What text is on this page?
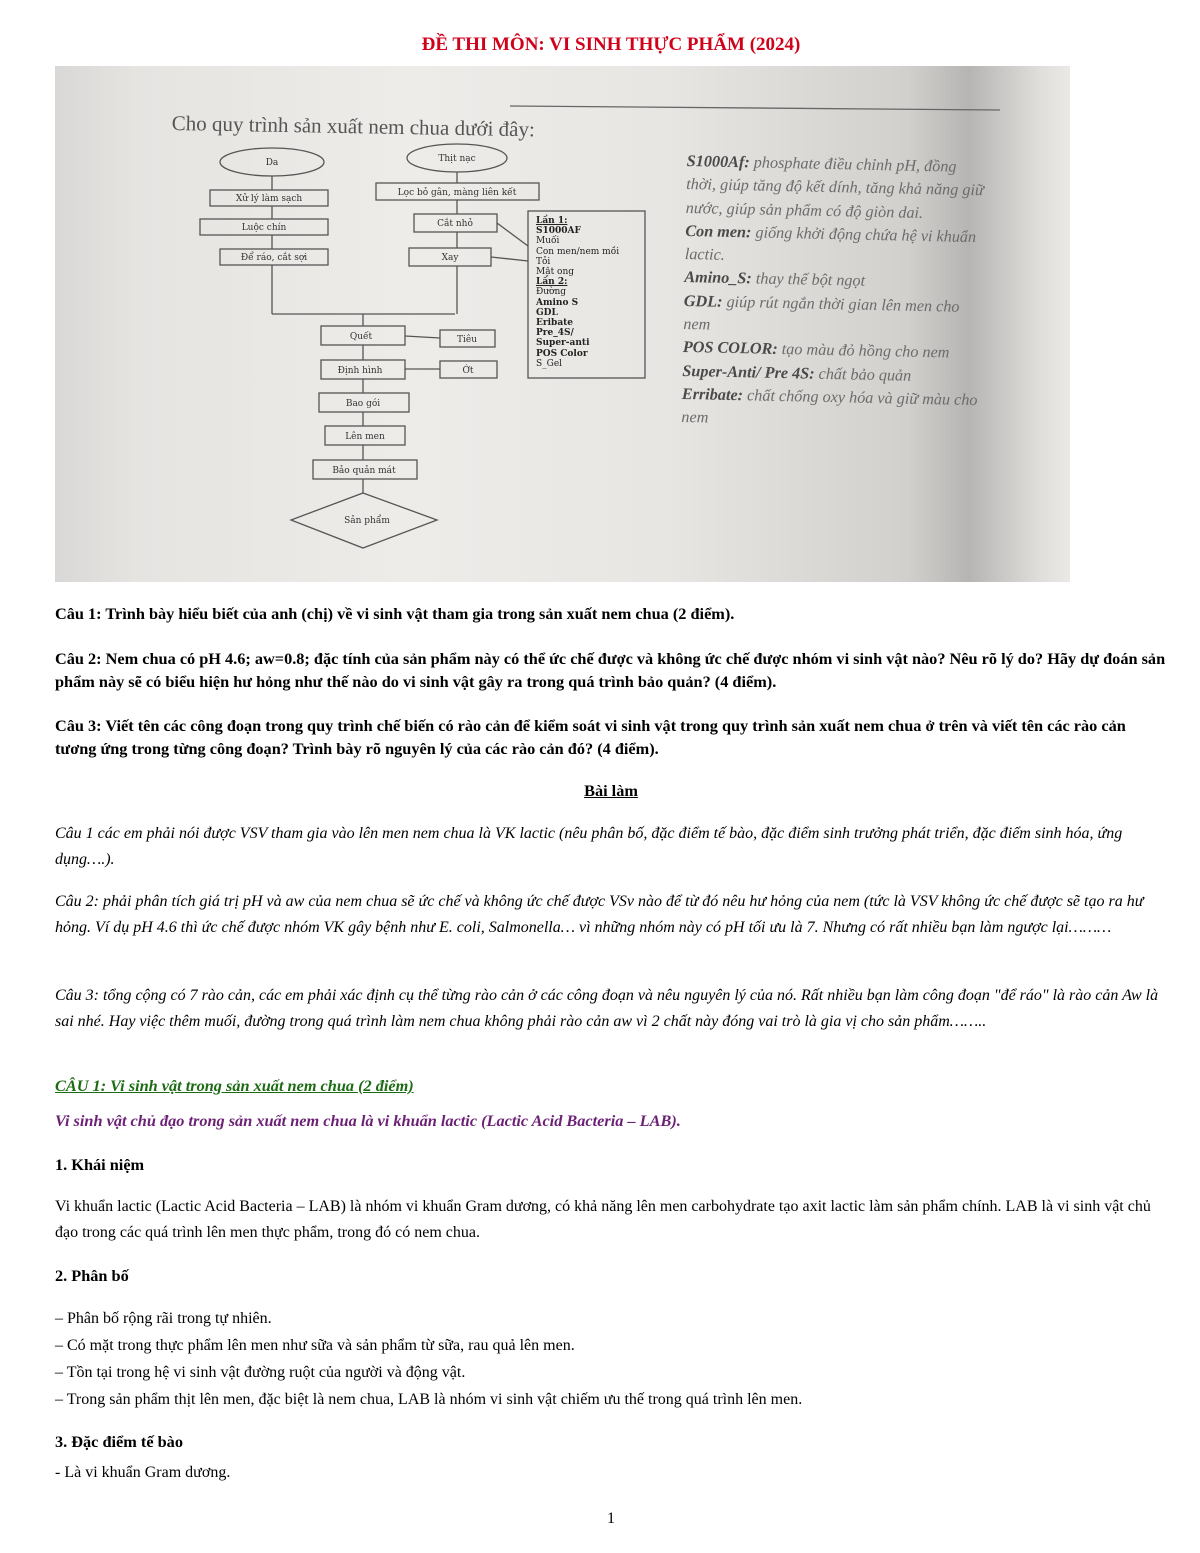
ĐỀ THI MÔN: VI SINH THỰC PHẨM (2024)
Da
Xử lý làm sạch
Luộc chín
Để ráo, cắt sợi
Thịt nạc
Lọc bỏ gân, màng liên kết
Cắt nhỏ
Xay
Quết	Tiêu
Định hình	Ớt
Bao gói
Lên men
Bảo quản mát
Sản phẩm
Cho quy trình sản xuất nem chua dưới đây:
Lần 1:
S1000AF
Muối
Con men/nem mồi
Tỏi
Mật ong
Lần 2:
Đường
Amino S
GDL
Eribate
Pre_4S/
Super-anti
POS Color
S_Gel
S1000Af: phosphate điều chỉnh pH, đồng thời, giúp tăng độ kết dính, tăng khả năng giữ nước, giúp sản phẩm có độ giòn dai.
Con men: giống khởi động chứa hệ vi khuẩn lactic.
Amino_S: thay thế bột ngọt
GDL: giúp rút ngắn thời gian lên men cho nem
POS COLOR: tạo màu đỏ hồng cho nem
Super-Anti/ Pre 4S: chất bảo quản
Erribate: chất chống oxy hóa và giữ màu cho nem
Câu 1: Trình bày hiểu biết của anh (chị) về vi sinh vật tham gia trong sản xuất nem chua (2 điểm).
Câu 2: Nem chua có pH 4.6; aw=0.8; đặc tính của sản phẩm này có thể ức chế được và không ức chế được nhóm vi sinh vật nào? Nêu rõ lý do? Hãy dự đoán sản phẩm này sẽ có biểu hiện hư hỏng như thế nào do vi sinh vật gây ra trong quá trình bảo quản? (4 điểm).
Câu 3: Viết tên các công đoạn trong quy trình chế biến có rào cản để kiểm soát vi sinh vật trong quy trình sản xuất nem chua ở trên và viết tên các rào cản tương ứng trong từng công đoạn? Trình bày rõ nguyên lý của các rào cản đó? (4 điểm).
Bài làm
Câu 1 các em phải nói được VSV tham gia vào lên men nem chua là VK lactic (nêu phân bố, đặc điểm tế bào, đặc điểm sinh trưởng phát triển, đặc điểm sinh hóa, ứng dụng….).
Câu 2: phải phân tích giá trị pH và aw của nem chua sẽ ức chế và không ức chế được VSv nào để từ đó nêu hư hỏng của nem (tức là VSV không ức chế được sẽ tạo ra hư hỏng. Ví dụ pH 4.6 thì ức chế được nhóm VK gây bệnh như E. coli, Salmonella… vì những nhóm này có pH tối ưu là 7. Nhưng có rất nhiều bạn làm ngược lại………
Câu 3: tổng cộng có 7 rào cản, các em phải xác định cụ thể từng rào cản ở các công đoạn và nêu nguyên lý của nó. Rất nhiều bạn làm công đoạn "để ráo" là rào cản Aw là sai nhé. Hay việc thêm muối, đường trong quá trình làm nem chua không phải rào cản aw vì 2 chất này đóng vai trò là gia vị cho sản phẩm……..
CÂU 1: Vi sinh vật trong sản xuất nem chua (2 điểm)
Vi sinh vật chủ đạo trong sản xuất nem chua là vi khuẩn lactic (Lactic Acid Bacteria – LAB).
1. Khái niệm
Vi khuẩn lactic (Lactic Acid Bacteria – LAB) là nhóm vi khuẩn Gram dương, có khả năng lên men carbohydrate tạo axit lactic làm sản phẩm chính. LAB là vi sinh vật chủ đạo trong các quá trình lên men thực phẩm, trong đó có nem chua.
2. Phân bố
– Phân bố rộng rãi trong tự nhiên.
– Có mặt trong thực phẩm lên men như sữa và sản phẩm từ sữa, rau quả lên men.
– Tồn tại trong hệ vi sinh vật đường ruột của người và động vật.
– Trong sản phẩm thịt lên men, đặc biệt là nem chua, LAB là nhóm vi sinh vật chiếm ưu thế trong quá trình lên men.
3. Đặc điểm tế bào
- Là vi khuẩn Gram dương.
1
